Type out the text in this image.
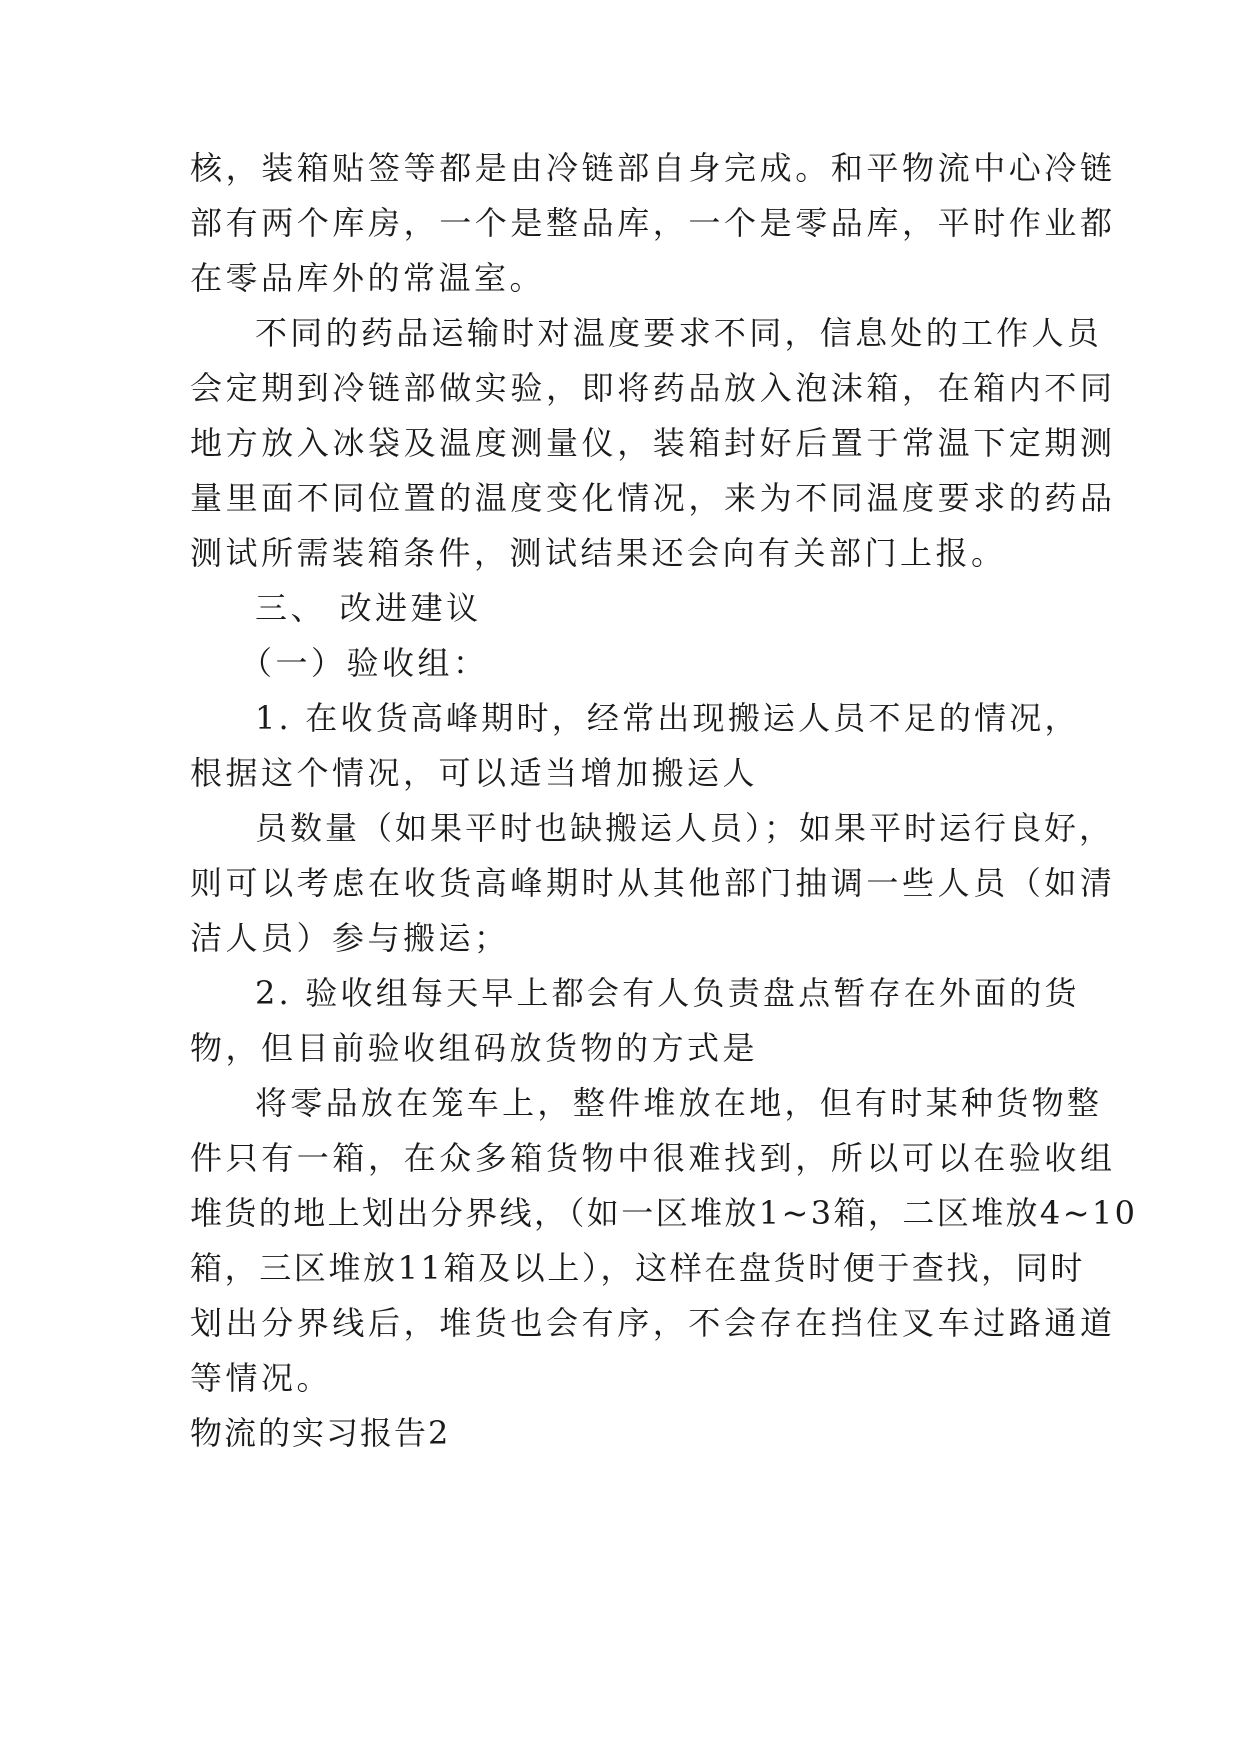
核，装箱贴签等都是由冷链部自身完成。和平物流中心冷链
部有两个库房，一个是整品库，一个是零品库，平时作业都
在零品库外的常温室。
不同的药品运输时对温度要求不同，信息处的工作人员
会定期到冷链部做实验，即将药品放入泡沫箱，在箱内不同
地方放入冰袋及温度测量仪，装箱封好后置于常温下定期测
量里面不同位置的温度变化情况，来为不同温度要求的药品
测试所需装箱条件，测试结果还会向有关部门上报。
三、 改进建议
（一）验收组：
1. 在收货高峰期时，经常出现搬运人员不足的情况，
根据这个情况，可以适当增加搬运人
员数量（如果平时也缺搬运人员）；如果平时运行良好，
则可以考虑在收货高峰期时从其他部门抽调一些人员（如清
洁人员）参与搬运；
2. 验收组每天早上都会有人负责盘点暂存在外面的货
物，但目前验收组码放货物的方式是
将零品放在笼车上，整件堆放在地，但有时某种货物整
件只有一箱，在众多箱货物中很难找到，所以可以在验收组
堆货的地上划出分界线，（如一区堆放1~3箱，二区堆放4~10
箱，三区堆放11箱及以上），这样在盘货时便于查找，同时
划出分界线后，堆货也会有序，不会存在挡住叉车过路通道
等情况。
物流的实习报告2
